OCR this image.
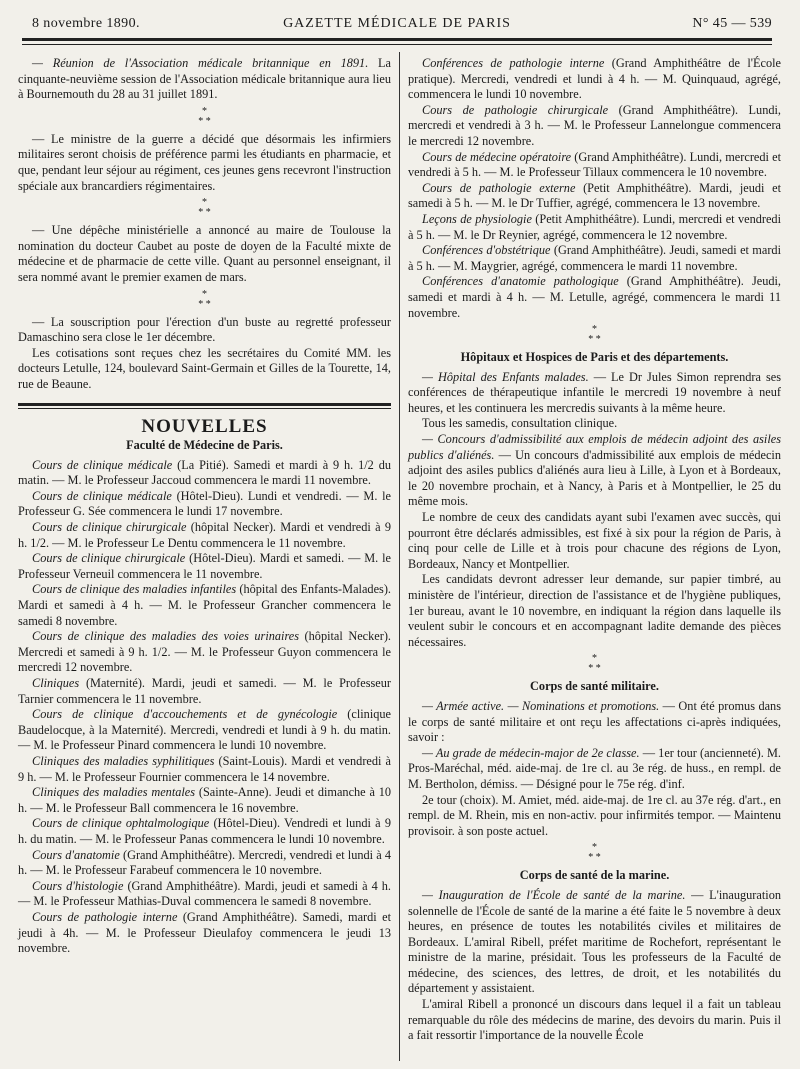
8 novembre 1890.	GAZETTE MÉDICALE DE PARIS	N° 45 — 539

— Réunion de l'Association médicale britannique en 1891. La cinquante-neuvième session de l'Association médicale britannique aura lieu à Bournemouth du 28 au 31 juillet 1891.

*
* *

— Le ministre de la guerre a décidé que désormais les infirmiers militaires seront choisis de préférence parmi les étudiants en pharmacie, et que, pendant leur séjour au régiment, ces jeunes gens recevront l'instruction spéciale aux brancardiers régimentaires.

*
* *

— Une dépêche ministérielle a annoncé au maire de Toulouse la nomination du docteur Caubet au poste de doyen de la Faculté mixte de médecine et de pharmacie de cette ville. Quant au personnel enseignant, il sera nommé avant le premier examen de mars.

*
* *

— La souscription pour l'érection d'un buste au regretté professeur Damaschino sera close le 1er décembre.

Les cotisations sont reçues chez les secrétaires du Comité MM. les docteurs Letulle, 124, boulevard Saint-Germain et Gilles de la Tourette, 14, rue de Beaune.

NOUVELLES
Faculté de Médecine de Paris.

Cours de clinique médicale (La Pitié). Samedi et mardi à 9 h. 1/2 du matin. — M. le Professeur Jaccoud commencera le mardi 11 novembre.

Cours de clinique médicale (Hôtel-Dieu). Lundi et vendredi. — M. le Professeur G. Sée commencera le lundi 17 novembre.

Cours de clinique chirurgicale (hôpital Necker). Mardi et vendredi à 9 h. 1/2. — M. le Professeur Le Dentu commencera le 11 novembre.

Cours de clinique chirurgicale (Hôtel-Dieu). Mardi et samedi. — M. le Professeur Verneuil commencera le 11 novembre.

Cours de clinique des maladies infantiles (hôpital des Enfants-Malades). Mardi et samedi à 4 h. — M. le Professeur Grancher commencera le samedi 8 novembre.

Cours de clinique des maladies des voies urinaires (hôpital Necker). Mercredi et samedi à 9 h. 1/2. — M. le Professeur Guyon commencera le mercredi 12 novembre.

Cliniques (Maternité). Mardi, jeudi et samedi. — M. le Professeur Tarnier commencera le 11 novembre.

Cours de clinique d'accouchements et de gynécologie (clinique Baudelocque, à la Maternité). Mercredi, vendredi et lundi à 9 h. du matin. — M. le Professeur Pinard commencera le lundi 10 novembre.

Cliniques des maladies syphilitiques (Saint-Louis). Mardi et vendredi à 9 h. — M. le Professeur Fournier commencera le 14 novembre.

Cliniques des maladies mentales (Sainte-Anne). Jeudi et dimanche à 10 h. — M. le Professeur Ball commencera le 16 novembre.

Cours de clinique ophtalmologique (Hôtel-Dieu). Vendredi et lundi à 9 h. du matin. — M. le Professeur Panas commencera le lundi 10 novembre.

Cours d'anatomie (Grand Amphithéâtre). Mercredi, vendredi et lundi à 4 h. — M. le Professeur Farabeuf commencera le 10 novembre.

Cours d'histologie (Grand Amphithéâtre). Mardi, jeudi et samedi à 4 h. — M. le Professeur Mathias-Duval commencera le samedi 8 novembre.

Cours de pathologie interne (Grand Amphithéâtre). Samedi, mardi et jeudi à 4h. — M. le Professeur Dieulafoy commencera le jeudi 13 novembre.

Conférences de pathologie interne (Grand Amphithéâtre de l'École pratique). Mercredi, vendredi et lundi à 4 h. — M. Quinquaud, agrégé, commencera le lundi 10 novembre.

Cours de pathologie chirurgicale (Grand Amphithéâtre). Lundi, mercredi et vendredi à 3 h. — M. le Professeur Lannelongue commencera le mercredi 12 novembre.

Cours de médecine opératoire (Grand Amphithéâtre). Lundi, mercredi et vendredi à 5 h. — M. le Professeur Tillaux commencera le 10 novembre.

Cours de pathologie externe (Petit Amphithéâtre). Mardi, jeudi et samedi à 5 h. — M. le Dr Tuffier, agrégé, commencera le 13 novembre.

Leçons de physiologie (Petit Amphithéâtre). Lundi, mercredi et vendredi à 5 h. — M. le Dr Reynier, agrégé, commencera le 12 novembre.

Conférences d'obstétrique (Grand Amphithéâtre). Jeudi, samedi et mardi à 5 h. — M. Maygrier, agrégé, commencera le mardi 11 novembre.

Conférences d'anatomie pathologique (Grand Amphithéâtre). Jeudi, samedi et mardi à 4 h. — M. Letulle, agrégé, commencera le mardi 11 novembre.

*
* *
Hôpitaux et Hospices de Paris et des départements.

— Hôpital des Enfants malades. — Le Dr Jules Simon reprendra ses conférences de thérapeutique infantile le mercredi 19 novembre à neuf heures, et les continuera les mercredis suivants à la même heure.

Tous les samedis, consultation clinique.

— Concours d'admissibilité aux emplois de médecin adjoint des asiles publics d'aliénés. — Un concours d'admissibilité aux emplois de médecin adjoint des asiles publics d'aliénés aura lieu à Lille, à Lyon et à Bordeaux, le 20 novembre prochain, et à Nancy, à Paris et à Montpellier, le 25 du même mois.

Le nombre de ceux des candidats ayant subi l'examen avec succès, qui pourront être déclarés admissibles, est fixé à six pour la région de Paris, à cinq pour celle de Lille et à trois pour chacune des régions de Lyon, Bordeaux, Nancy et Montpellier.

Les candidats devront adresser leur demande, sur papier timbré, au ministère de l'intérieur, direction de l'assistance et de l'hygiène publiques, 1er bureau, avant le 10 novembre, en indiquant la région dans laquelle ils veulent subir le concours et en accompagnant ladite demande des pièces nécessaires.

*
* *
Corps de santé militaire.

— Armée active. — Nominations et promotions. — Ont été promus dans le corps de santé militaire et ont reçu les affectations ci-après indiquées, savoir :

— Au grade de médecin-major de 2e classe. — 1er tour (ancienneté). M. Pros-Maréchal, méd. aide-maj. de 1re cl. au 3e rég. de huss., en rempl. de M. Bertholon, démiss. — Désigné pour le 75e rég. d'inf.

2e tour (choix). M. Amiet, méd. aide-maj. de 1re cl. au 37e rég. d'art., en rempl. de M. Rhein, mis en non-activ. pour infirmités tempor. — Maintenu provisoir. à son poste actuel.

*
* *
Corps de santé de la marine.

— Inauguration de l'École de santé de la marine. — L'inauguration solennelle de l'École de santé de la marine a été faite le 5 novembre à deux heures, en présence de toutes les notabilités civiles et militaires de Bordeaux. L'amiral Ribell, préfet maritime de Rochefort, représentant le ministre de la marine, présidait. Tous les professeurs de la Faculté de médecine, des sciences, des lettres, de droit, et les notabilités du département y assistaient.

L'amiral Ribell a prononcé un discours dans lequel il a fait un tableau remarquable du rôle des médecins de marine, des devoirs du marin. Puis il a fait ressortir l'importance de la nouvelle École
